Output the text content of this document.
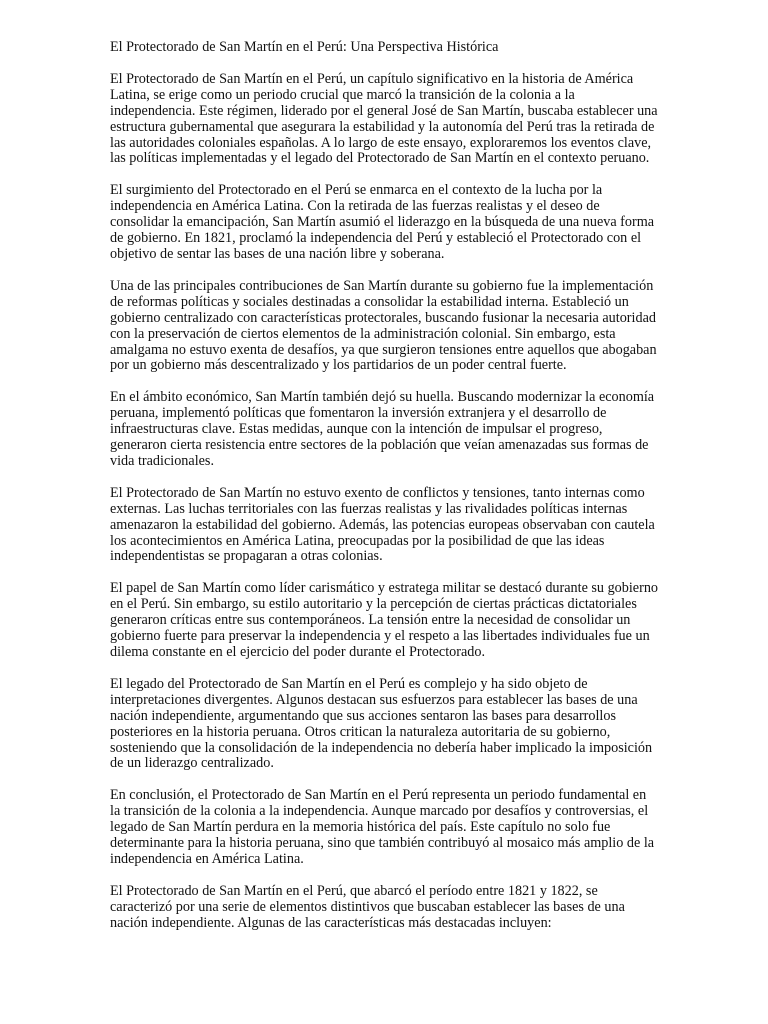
El Protectorado de San Martín en el Perú: Una Perspectiva Histórica

El Protectorado de San Martín en el Perú, un capítulo significativo en la historia de América Latina, se erige como un periodo crucial que marcó la transición de la colonia a la independencia. Este régimen, liderado por el general José de San Martín, buscaba establecer una estructura gubernamental que asegurara la estabilidad y la autonomía del Perú tras la retirada de las autoridades coloniales españolas. A lo largo de este ensayo, exploraremos los eventos clave, las políticas implementadas y el legado del Protectorado de San Martín en el contexto peruano.

El surgimiento del Protectorado en el Perú se enmarca en el contexto de la lucha por la independencia en América Latina. Con la retirada de las fuerzas realistas y el deseo de consolidar la emancipación, San Martín asumió el liderazgo en la búsqueda de una nueva forma de gobierno. En 1821, proclamó la independencia del Perú y estableció el Protectorado con el objetivo de sentar las bases de una nación libre y soberana.

Una de las principales contribuciones de San Martín durante su gobierno fue la implementación de reformas políticas y sociales destinadas a consolidar la estabilidad interna. Estableció un gobierno centralizado con características protectorales, buscando fusionar la necesaria autoridad con la preservación de ciertos elementos de la administración colonial. Sin embargo, esta amalgama no estuvo exenta de desafíos, ya que surgieron tensiones entre aquellos que abogaban por un gobierno más descentralizado y los partidarios de un poder central fuerte.

En el ámbito económico, San Martín también dejó su huella. Buscando modernizar la economía peruana, implementó políticas que fomentaron la inversión extranjera y el desarrollo de infraestructuras clave. Estas medidas, aunque con la intención de impulsar el progreso, generaron cierta resistencia entre sectores de la población que veían amenazadas sus formas de vida tradicionales.

El Protectorado de San Martín no estuvo exento de conflictos y tensiones, tanto internas como externas. Las luchas territoriales con las fuerzas realistas y las rivalidades políticas internas amenazaron la estabilidad del gobierno. Además, las potencias europeas observaban con cautela los acontecimientos en América Latina, preocupadas por la posibilidad de que las ideas independentistas se propagaran a otras colonias.

El papel de San Martín como líder carismático y estratega militar se destacó durante su gobierno en el Perú. Sin embargo, su estilo autoritario y la percepción de ciertas prácticas dictatoriales generaron críticas entre sus contemporáneos. La tensión entre la necesidad de consolidar un gobierno fuerte para preservar la independencia y el respeto a las libertades individuales fue un dilema constante en el ejercicio del poder durante el Protectorado.

El legado del Protectorado de San Martín en el Perú es complejo y ha sido objeto de interpretaciones divergentes. Algunos destacan sus esfuerzos para establecer las bases de una nación independiente, argumentando que sus acciones sentaron las bases para desarrollos posteriores en la historia peruana. Otros critican la naturaleza autoritaria de su gobierno, sosteniendo que la consolidación de la independencia no debería haber implicado la imposición de un liderazgo centralizado.

En conclusión, el Protectorado de San Martín en el Perú representa un periodo fundamental en la transición de la colonia a la independencia. Aunque marcado por desafíos y controversias, el legado de San Martín perdura en la memoria histórica del país. Este capítulo no solo fue determinante para la historia peruana, sino que también contribuyó al mosaico más amplio de la independencia en América Latina.

El Protectorado de San Martín en el Perú, que abarcó el período entre 1821 y 1822, se caracterizó por una serie de elementos distintivos que buscaban establecer las bases de una nación independiente. Algunas de las características más destacadas incluyen:
